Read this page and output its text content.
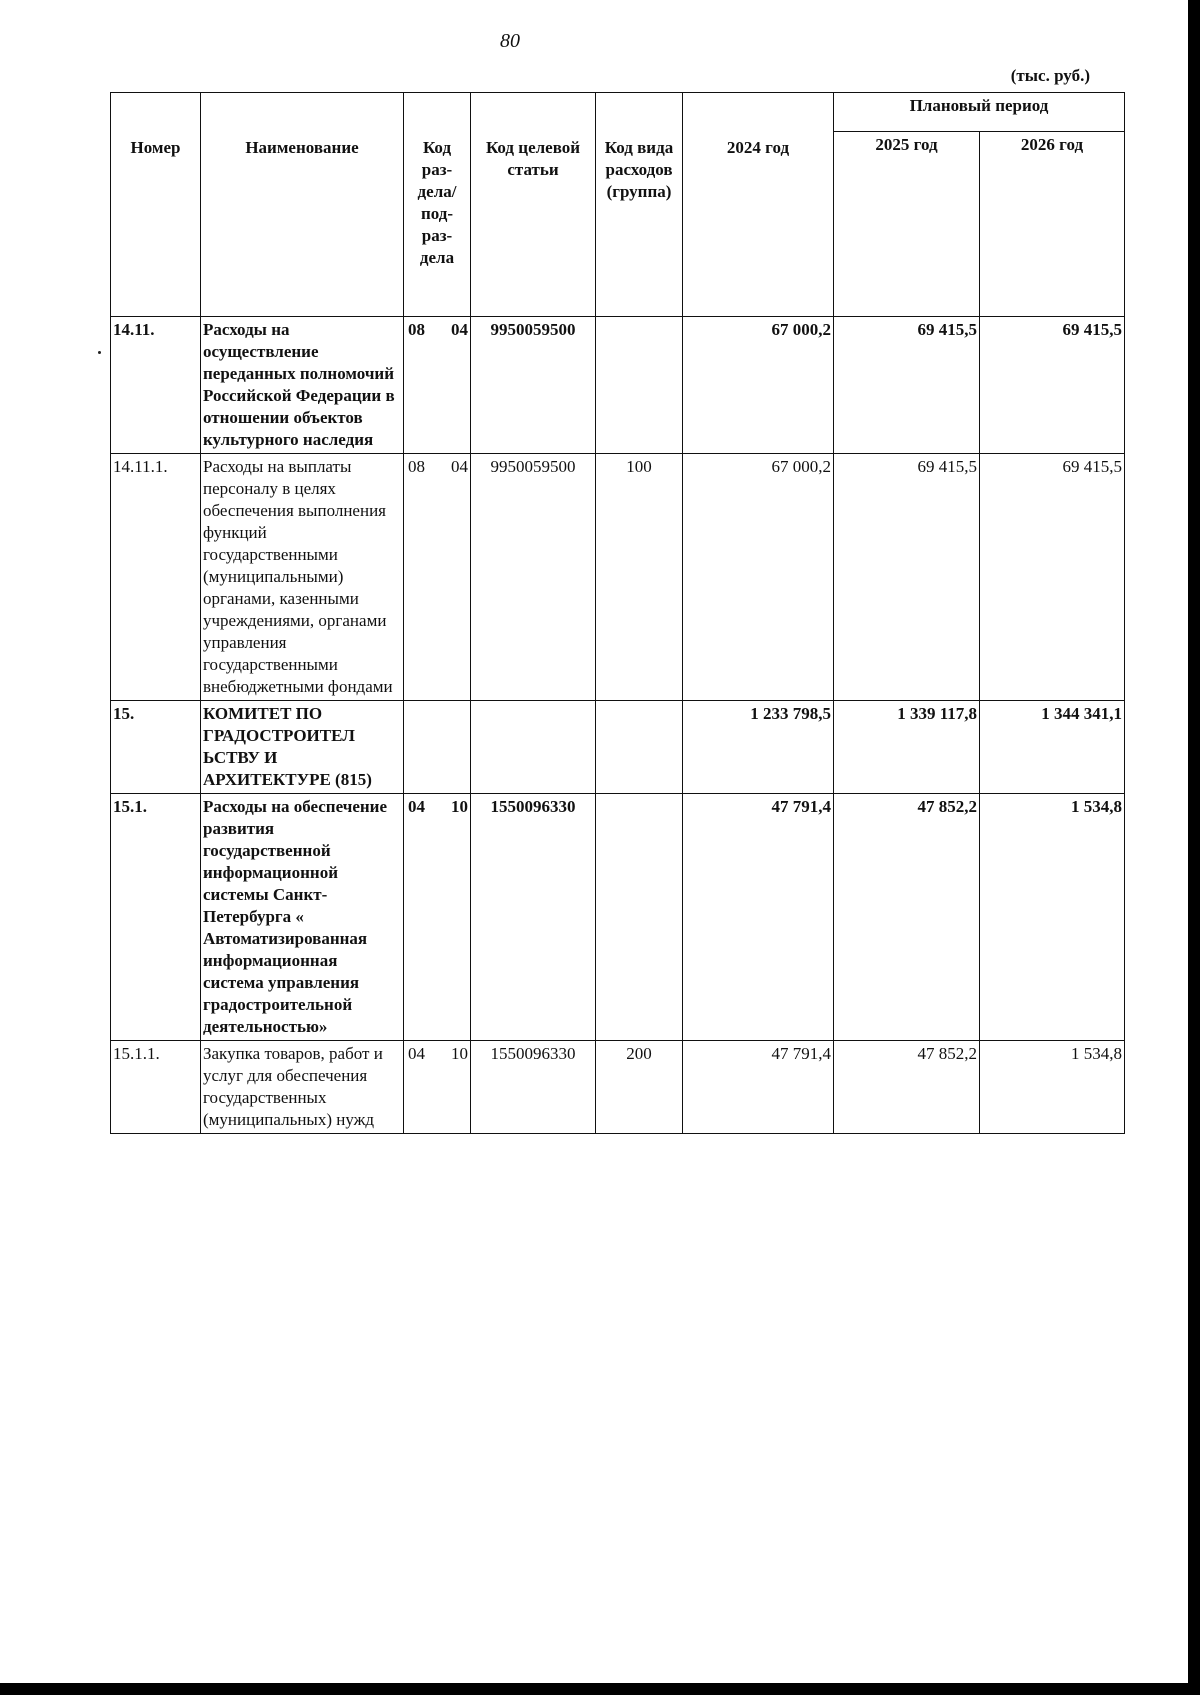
80
(тыс. руб.)
Номер	Наименование	Код раз- дела/ под- раз- дела	Код целевой статьи	Код вида расходов (группа)	2024 год	Плановый период	
						2025 год	2026 год
14.11.	Расходы на осуществление переданных полномочий Российской Федерации в отношении объектов культурного наследия	08 04	9950059500		67 000,2	69 415,5	69 415,5
14.11.1.	Расходы на выплаты персоналу в целях обеспечения выполнения функций государственными (муниципальными) органами, казенными учреждениями, органами управления государственными внебюджетными фондами	08 04	9950059500	100	67 000,2	69 415,5	69 415,5
15.	КОМИТЕТ ПО ГРАДОСТРОИТЕЛ ЬСТВУ И АРХИТЕКТУРЕ (815)				1 233 798,5	1 339 117,8	1 344 341,1
15.1.	Расходы на обеспечение развития государственной информационной системы Санкт-Петербурга « Автоматизированная информационная система управления градостроительной деятельностью»	04 10	1550096330		47 791,4	47 852,2	1 534,8
15.1.1.	Закупка товаров, работ и услуг для обеспечения государственных (муниципальных) нужд	04 10	1550096330	200	47 791,4	47 852,2	1 534,8
